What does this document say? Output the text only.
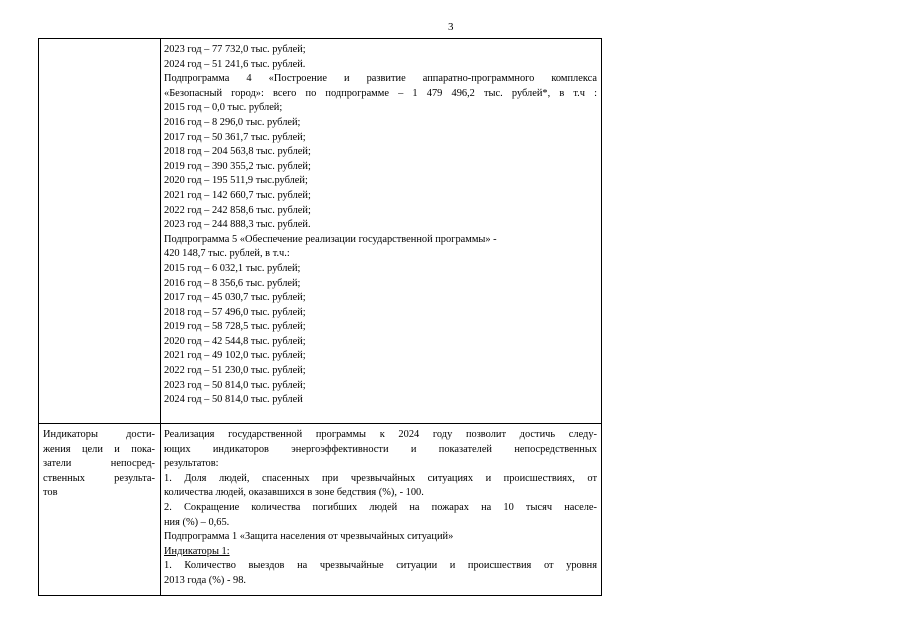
3
2023 год – 77 732,0 тыс. рублей;
2024 год – 51 241,6 тыс. рублей.
Подпрограмма 4 «Построение и развитие аппаратно-программного комплекса
«Безопасный город»: всего по подпрограмме – 1 479 496,2 тыс. рублей*, в т.ч :
2015 год – 0,0 тыс. рублей;
2016 год – 8 296,0 тыс. рублей;
2017 год – 50 361,7 тыс. рублей;
2018 год – 204 563,8 тыс. рублей;
2019 год – 390 355,2 тыс. рублей;
2020 год – 195 511,9 тыс.рублей;
2021 год – 142 660,7 тыс. рублей;
2022 год – 242 858,6 тыс. рублей;
2023 год – 244 888,3 тыс. рублей.
Подпрограмма 5 «Обеспечение реализации государственной программы» -
420 148,7 тыс. рублей, в т.ч.:
2015 год – 6 032,1 тыс. рублей;
2016 год – 8 356,6 тыс. рублей;
2017 год – 45 030,7 тыс. рублей;
2018 год – 57 496,0 тыс. рублей;
2019 год – 58 728,5 тыс. рублей;
2020 год – 42 544,8 тыс. рублей;
2021 год – 49 102,0 тыс. рублей;
2022 год – 51 230,0 тыс. рублей;
2023 год – 50 814,0 тыс. рублей;
2024 год – 50 814,0 тыс. рублей
Индикаторы дости-
жения цели и пока-
затели непосред-
ственных результа-
тов
Реализация государственной программы к 2024 году позволит достичь следу-
ющих индикаторов энергоэффективности и показателей непосредственных
результатов:
1. Доля людей, спасенных при чрезвычайных ситуациях и происшествиях, от
количества людей, оказавшихся в зоне бедствия (%), - 100.
2. Сокращение количества погибших людей на пожарах на 10 тысяч населе-
ния (%) – 0,65.
Подпрограмма 1 «Защита населения от чрезвычайных ситуаций»
Индикаторы 1:
1. Количество выездов на чрезвычайные ситуации и происшествия от уровня
2013 года (%) - 98.
